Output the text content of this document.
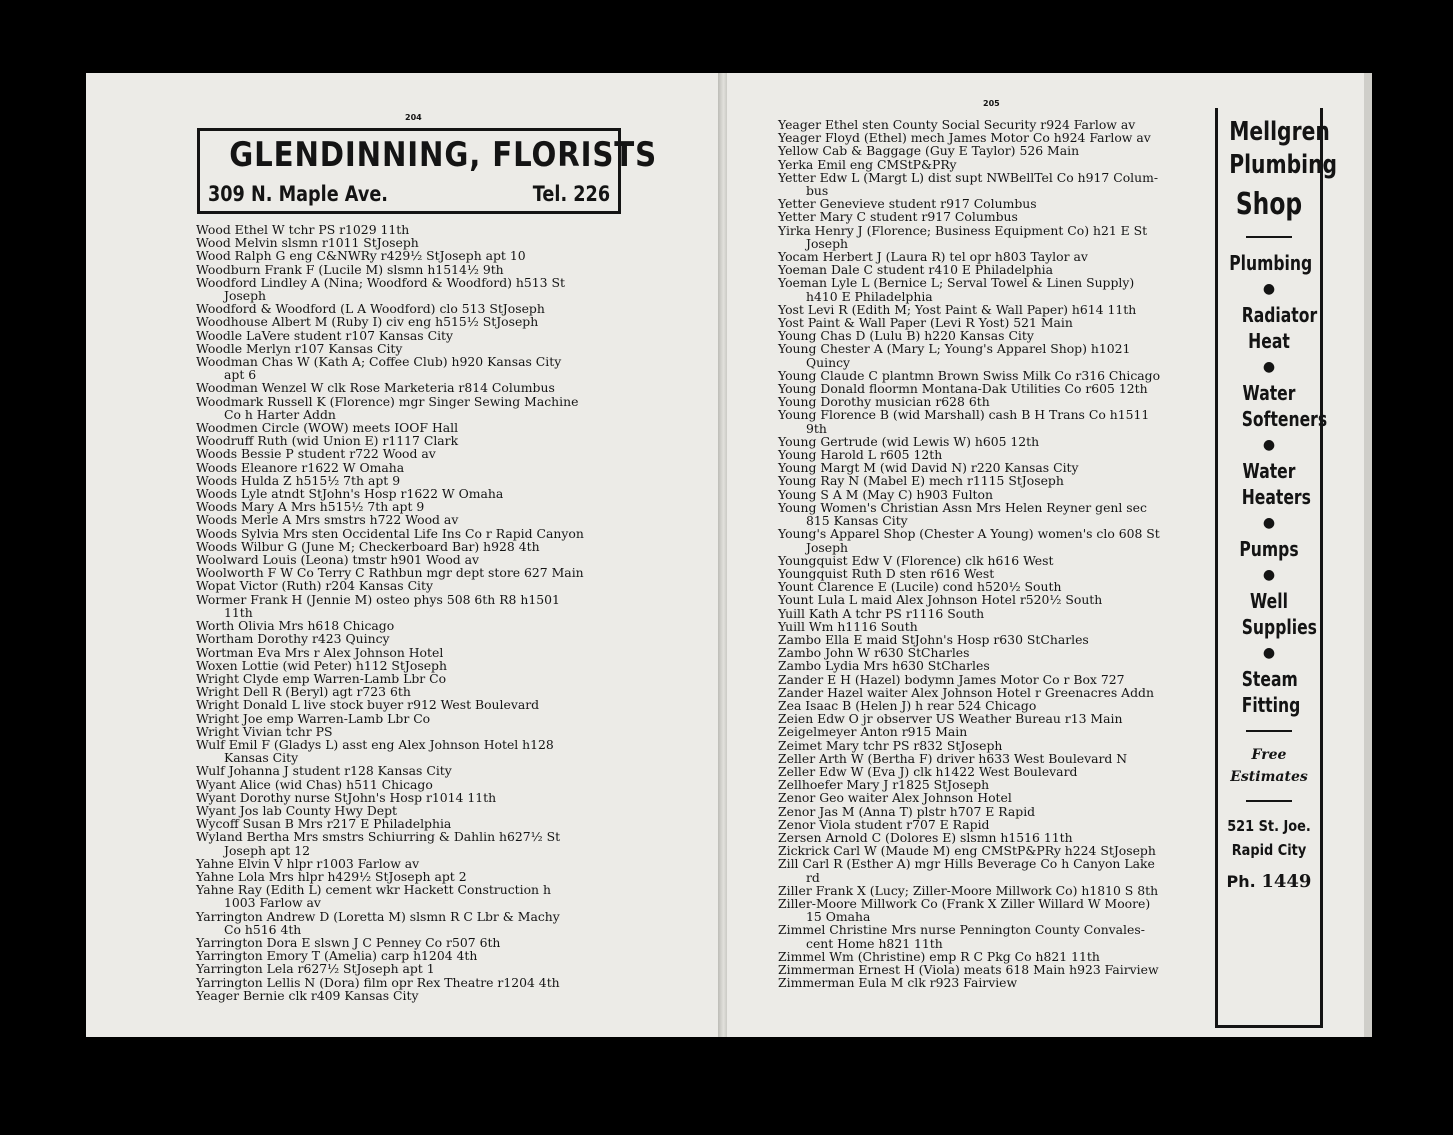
204
GLENDINNING, FLORISTS
309 N. Maple Ave.	Tel. 226
Wood Ethel W tchr PS r1029 11th
Wood Melvin slsmn r1011 StJoseph
Wood Ralph G eng C&NWRy r429½ StJoseph apt 10
Woodburn Frank F (Lucile M) slsmn h1514½ 9th
Woodford Lindley A (Nina; Woodford & Woodford) h513 St
Joseph
Woodford & Woodford (L A Woodford) clo 513 StJoseph
Woodhouse Albert M (Ruby I) civ eng h515½ StJoseph
Woodle LaVere student r107 Kansas City
Woodle Merlyn r107 Kansas City
Woodman Chas W (Kath A; Coffee Club) h920 Kansas City
apt 6
Woodman Wenzel W clk Rose Marketeria r814 Columbus
Woodmark Russell K (Florence) mgr Singer Sewing Machine
Co h Harter Addn
Woodmen Circle (WOW) meets IOOF Hall
Woodruff Ruth (wid Union E) r1117 Clark
Woods Bessie P student r722 Wood av
Woods Eleanore r1622 W Omaha
Woods Hulda Z h515½ 7th apt 9
Woods Lyle atndt StJohn's Hosp r1622 W Omaha
Woods Mary A Mrs h515½ 7th apt 9
Woods Merle A Mrs smstrs h722 Wood av
Woods Sylvia Mrs sten Occidental Life Ins Co r Rapid Canyon
Woods Wilbur G (June M; Checkerboard Bar) h928 4th
Woolward Louis (Leona) tmstr h901 Wood av
Woolworth F W Co Terry C Rathbun mgr dept store 627 Main
Wopat Victor (Ruth) r204 Kansas City
Wormer Frank H (Jennie M) osteo phys 508 6th R8 h1501
11th
Worth Olivia Mrs h618 Chicago
Wortham Dorothy r423 Quincy
Wortman Eva Mrs r Alex Johnson Hotel
Woxen Lottie (wid Peter) h112 StJoseph
Wright Clyde emp Warren-Lamb Lbr Co
Wright Dell R (Beryl) agt r723 6th
Wright Donald L live stock buyer r912 West Boulevard
Wright Joe emp Warren-Lamb Lbr Co
Wright Vivian tchr PS
Wulf Emil F (Gladys L) asst eng Alex Johnson Hotel h128
Kansas City
Wulf Johanna J student r128 Kansas City
Wyant Alice (wid Chas) h511 Chicago
Wyant Dorothy nurse StJohn's Hosp r1014 11th
Wyant Jos lab County Hwy Dept
Wycoff Susan B Mrs r217 E Philadelphia
Wyland Bertha Mrs smstrs Schiurring & Dahlin h627½ St
Joseph apt 12
Yahne Elvin V hlpr r1003 Farlow av
Yahne Lola Mrs hlpr h429½ StJoseph apt 2
Yahne Ray (Edith L) cement wkr Hackett Construction h
1003 Farlow av
Yarrington Andrew D (Loretta M) slsmn R C Lbr & Machy
Co h516 4th
Yarrington Dora E slswn J C Penney Co r507 6th
Yarrington Emory T (Amelia) carp h1204 4th
Yarrington Lela r627½ StJoseph apt 1
Yarrington Lellis N (Dora) film opr Rex Theatre r1204 4th
Yeager Bernie clk r409 Kansas City
205
Yeager Ethel sten County Social Security r924 Farlow av
Yeager Floyd (Ethel) mech James Motor Co h924 Farlow av
Yellow Cab & Baggage (Guy E Taylor) 526 Main
Yerka Emil eng CMStP&PRy
Yetter Edw L (Margt L) dist supt NWBellTel Co h917 Colum-
bus
Yetter Genevieve student r917 Columbus
Yetter Mary C student r917 Columbus
Yirka Henry J (Florence; Business Equipment Co) h21 E St
Joseph
Yocam Herbert J (Laura R) tel opr h803 Taylor av
Yoeman Dale C student r410 E Philadelphia
Yoeman Lyle L (Bernice L; Serval Towel & Linen Supply)
h410 E Philadelphia
Yost Levi R (Edith M; Yost Paint & Wall Paper) h614 11th
Yost Paint & Wall Paper (Levi R Yost) 521 Main
Young Chas D (Lulu B) h220 Kansas City
Young Chester A (Mary L; Young's Apparel Shop) h1021
Quincy
Young Claude C plantmn Brown Swiss Milk Co r316 Chicago
Young Donald floormn Montana-Dak Utilities Co r605 12th
Young Dorothy musician r628 6th
Young Florence B (wid Marshall) cash B H Trans Co h1511
9th
Young Gertrude (wid Lewis W) h605 12th
Young Harold L r605 12th
Young Margt M (wid David N) r220 Kansas City
Young Ray N (Mabel E) mech r1115 StJoseph
Young S A M (May C) h903 Fulton
Young Women's Christian Assn Mrs Helen Reyner genl sec
815 Kansas City
Young's Apparel Shop (Chester A Young) women's clo 608 St
Joseph
Youngquist Edw V (Florence) clk h616 West
Youngquist Ruth D sten r616 West
Yount Clarence E (Lucile) cond h520½ South
Yount Lula L maid Alex Johnson Hotel r520½ South
Yuill Kath A tchr PS r1116 South
Yuill Wm h1116 South
Zambo Ella E maid StJohn's Hosp r630 StCharles
Zambo John W r630 StCharles
Zambo Lydia Mrs h630 StCharles
Zander E H (Hazel) bodymn James Motor Co r Box 727
Zander Hazel waiter Alex Johnson Hotel r Greenacres Addn
Zea Isaac B (Helen J) h rear 524 Chicago
Zeien Edw O jr observer US Weather Bureau r13 Main
Zeigelmeyer Anton r915 Main
Zeimet Mary tchr PS r832 StJoseph
Zeller Arth W (Bertha F) driver h633 West Boulevard N
Zeller Edw W (Eva J) clk h1422 West Boulevard
Zellhoefer Mary J r1825 StJoseph
Zenor Geo waiter Alex Johnson Hotel
Zenor Jas M (Anna T) plstr h707 E Rapid
Zenor Viola student r707 E Rapid
Zersen Arnold C (Dolores E) slsmn h1516 11th
Zickrick Carl W (Maude M) eng CMStP&PRy h224 StJoseph
Zill Carl R (Esther A) mgr Hills Beverage Co h Canyon Lake
rd
Ziller Frank X (Lucy; Ziller-Moore Millwork Co) h1810 S 8th
Ziller-Moore Millwork Co (Frank X Ziller Willard W Moore)
15 Omaha
Zimmel Christine Mrs nurse Pennington County Convales-
cent Home h821 11th
Zimmel Wm (Christine) emp R C Pkg Co h821 11th
Zimmerman Ernest H (Viola) meats 618 Main h923 Fairview
Zimmerman Eula M clk r923 Fairview
Mellgren
Plumbing
Shop
Plumbing
●
Radiator Heat
●
Water Softeners
●
Water Heaters
●
Pumps
●
Well Supplies
●
Steam Fitting
Free
Estimates
521 St. Joe.
Rapid City
Ph. 1449
